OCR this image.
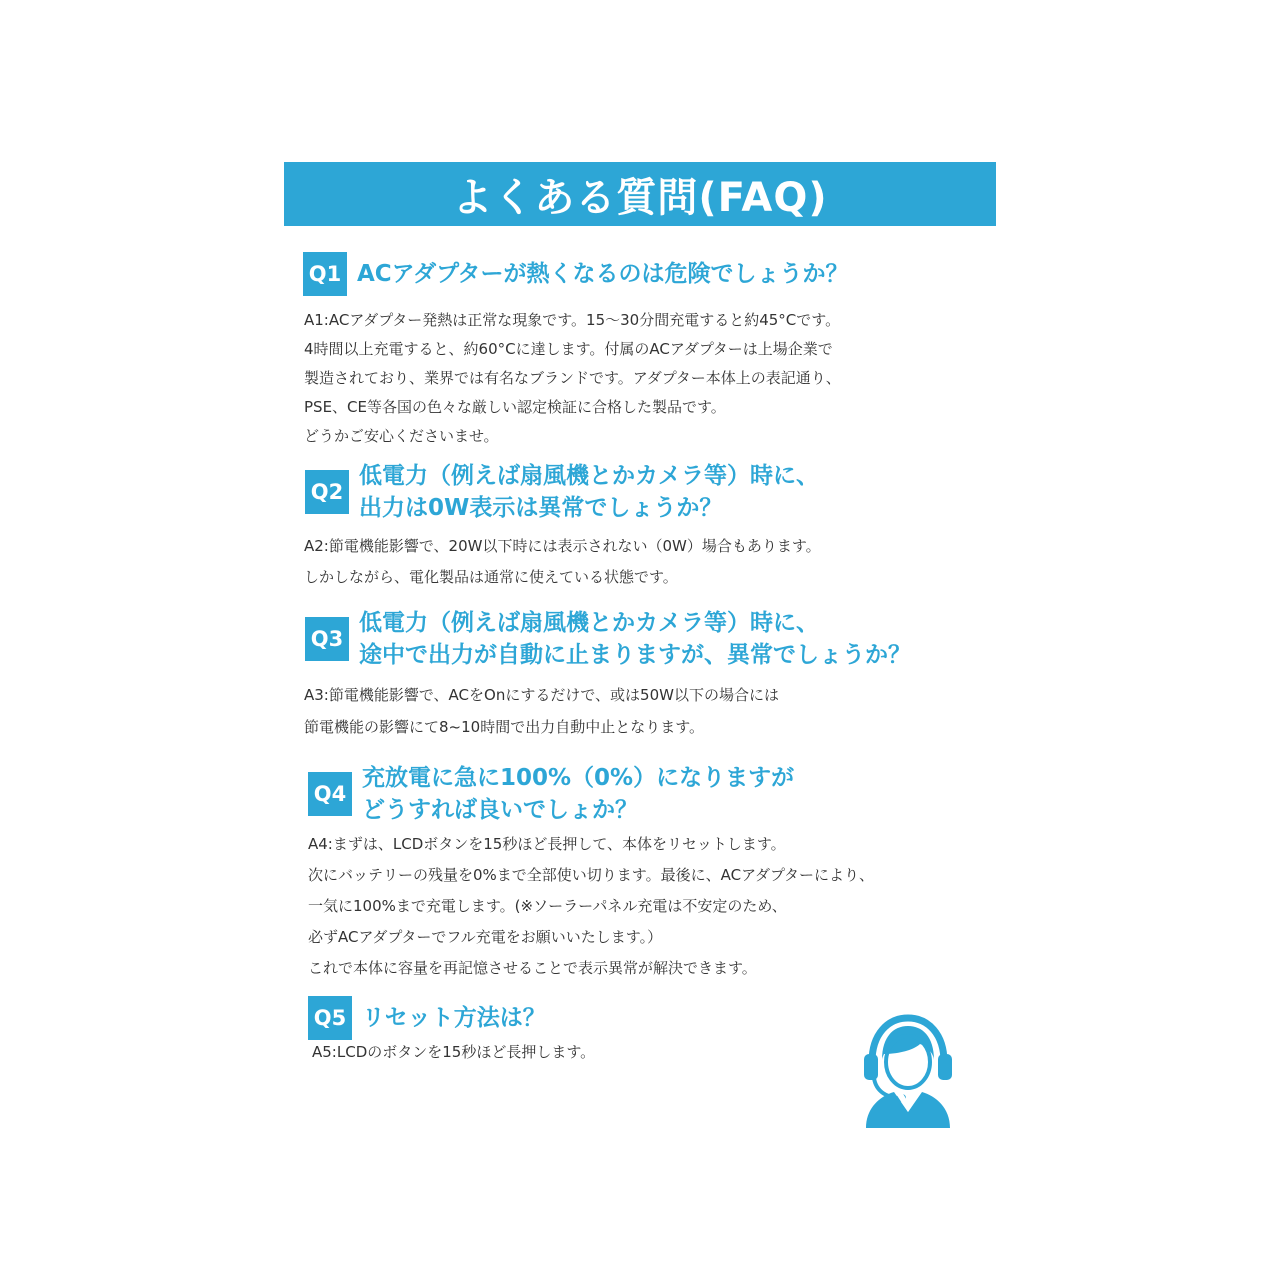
よくある質問(FAQ)
Q1 ACアダプターが熱くなるのは危険でしょうか？
A1:ACアダプター発熱は正常な現象です。15～30分間充電すると約45°Cです。
4時間以上充電すると、約60°Cに達します。付属のACアダプターは上場企業で
製造されており、業界では有名なブランドです。アダプター本体上の表記通り、
PSE、CE等各国の色々な厳しい認定検証に合格した製品です。
どうかご安心くださいませ。
Q2
低電力（例えば扇風機とかカメラ等）時に、
出力は0W表示は異常でしょうか？
A2:節電機能影響で、20W以下時には表示されない（0W）場合もあります。
しかしながら、電化製品は通常に使えている状態です。
Q3
低電力（例えば扇風機とかカメラ等）時に、
途中で出力が自動に止まりますが、異常でしょうか？
A3:節電機能影響で、ACをOnにするだけで、或は50W以下の場合には
節電機能の影響にて8~10時間で出力自動中止となります。
Q4
充放電に急に100%（0%）になりますが
どうすれば良いでしょか？
A4:まずは、LCDボタンを15秒ほど長押して、本体をリセットします。
次にバッテリーの残量を0%まで全部使い切ります。最後に、ACアダプターにより、
一気に100%まで充電します。(※ソーラーパネル充電は不安定のため、
必ずACアダプターでフル充電をお願いいたします。）
これで本体に容量を再記憶させることで表示異常が解決できます。
Q5 リセット方法は？
A5:LCDのボタンを15秒ほど長押します。
